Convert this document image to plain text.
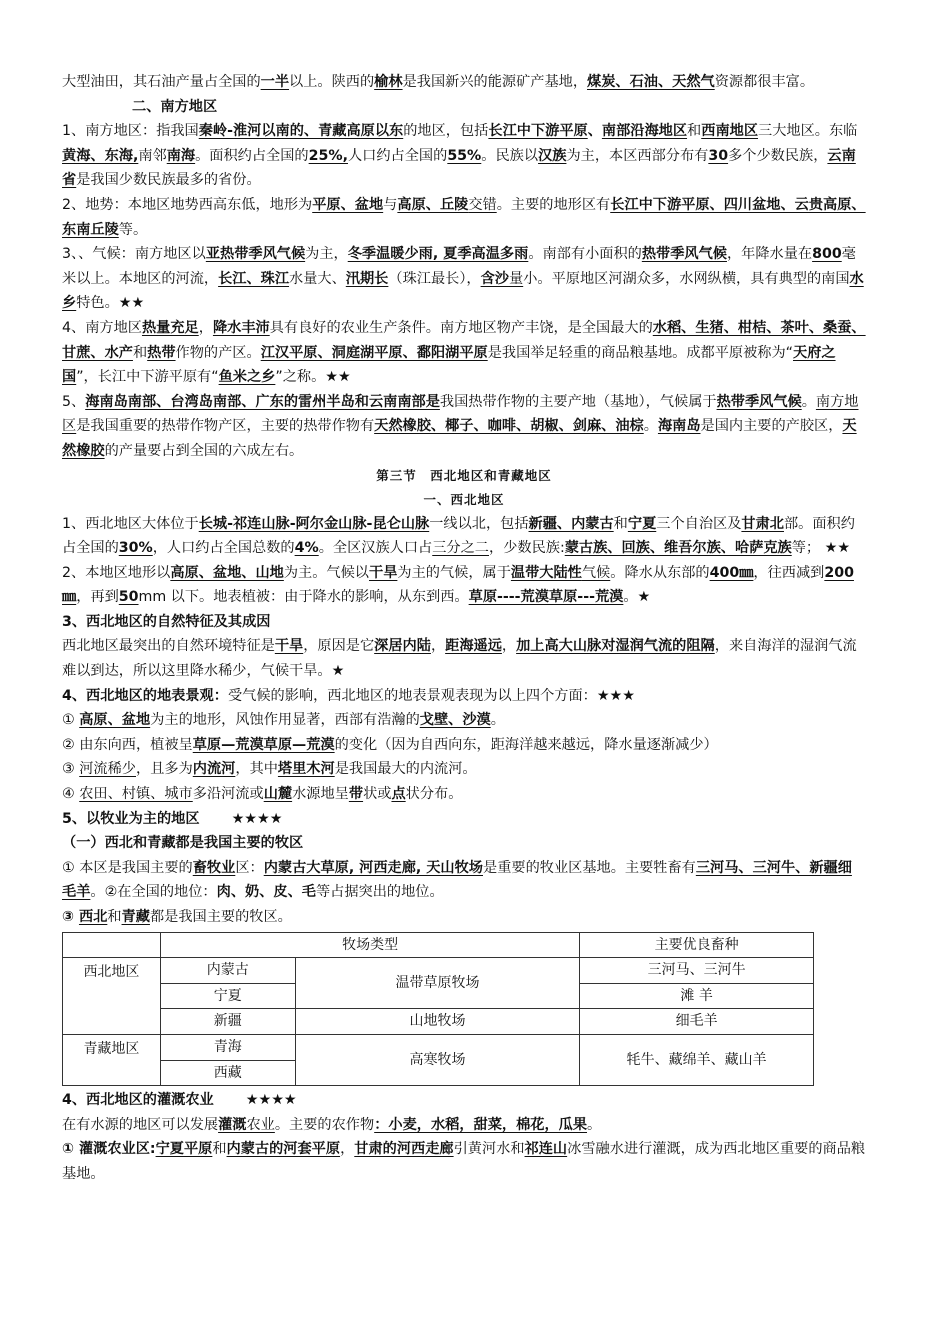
大型油田，其石油产量占全国的一半以上。陕西的榆林是我国新兴的能源矿产基地，煤炭、石油、天然气资源都很丰富。二、南方地区

1、南方地区：指我国秦岭-淮河以南的、青藏高原以东的地区，包括长江中下游平原、南部沿海地区和西南地区三大地区。东临黄海、东海,南邻南海。面积约占全国的25%,人口约占全国的55%。民族以汉族为主，本区西部分布有30多个少数民族，云南省是我国少数民族最多的省份。

2、地势：本地区地势西高东低，地形为平原、盆地与高原、丘陵交错。主要的地形区有长江中下游平原、四川盆地、云贵高原、东南丘陵等。

3、、气候：南方地区以亚热带季风气候为主，冬季温暖少雨, 夏季高温多雨。南部有小面积的热带季风气候，年降水量在800毫米以上。本地区的河流，长江、珠江水量大、汛期长（珠江最长），含沙量小。平原地区河湖众多，水网纵横，具有典型的南国水乡特色。★★

4、南方地区热量充足，降水丰沛具有良好的农业生产条件。南方地区物产丰饶，是全国最大的水稻、生猪、柑桔、茶叶、桑蚕、甘蔗、水产和热带作物的产区。江汉平原、洞庭湖平原、鄱阳湖平原是我国举足轻重的商品粮基地。成都平原被称为“天府之国”，长江中下游平原有“鱼米之乡”之称。★★

5、海南岛南部、台湾岛南部、广东的雷州半岛和云南南部是我国热带作物的主要产地（基地），气候属于热带季风气候。南方地区是我国重要的热带作物产区，主要的热带作物有天然橡胶、椰子、咖啡、胡椒、剑麻、油棕。海南岛是国内主要的产胶区，天然橡胶的产量要占到全国的六成左右。

第三节　西北地区和青藏地区

一、西北地区

1、西北地区大体位于长城-祁连山脉-阿尔金山脉-昆仑山脉一线以北，包括新疆、内蒙古和宁夏三个自治区及甘肃北部。面积约占全国的30%，人口约占全国总数的4%。全区汉族人口占三分之二，少数民族:蒙古族、回族、维吾尔族、哈萨克族等； ★★

2、本地区地形以高原、盆地、山地为主。气候以干旱为主的气候，属于温带大陆性气候。降水从东部的400㎜，往西减到200㎜，再到50mm 以下。地表植被：由于降水的影响，从东到西。草原----荒漠草原---荒漠。★

3、西北地区的自然特征及其成因

西北地区最突出的自然环境特征是干旱，原因是它深居内陆，距海遥远，加上高大山脉对湿润气流的阻隔，来自海洋的湿润气流难以到达，所以这里降水稀少，气候干旱。★

4、西北地区的地表景观：受气候的影响，西北地区的地表景观表现为以上四个方面：★★★

① 高原、盆地为主的地形，风蚀作用显著，西部有浩瀚的戈壁、沙漠。

② 由东向西，植被呈草原—荒漠草原—荒漠的变化（因为自西向东，距海洋越来越远，降水量逐渐减少）

③ 河流稀少，且多为内流河，其中塔里木河是我国最大的内流河。

④ 农田、村镇、城市多沿河流或山麓水源地呈带状或点状分布。

5、以牧业为主的地区 ★★★★

（一）西北和青藏都是我国主要的牧区

① 本区是我国主要的畜牧业区：内蒙古大草原, 河西走廊, 天山牧场是重要的牧业区基地。主要牲畜有三河马、三河牛、新疆细毛羊。②在全国的地位：肉、奶、皮、毛等占据突出的地位。

③ 西北和青藏都是我国主要的牧区。

	牧场类型		主要优良畜种
西北地区	内蒙古	温带草原牧场	三河马、三河牛
	宁夏		滩 羊
	新疆	山地牧场	细毛羊
青藏地区	青海	高寒牧场	牦牛、藏绵羊、藏山羊
	西藏		

4、西北地区的灌溉农业 ★★★★

在有水源的地区可以发展灌溉农业。主要的农作物：小麦，水稻，甜菜，棉花，瓜果。

① 灌溉农业区:宁夏平原和内蒙古的河套平原，甘肃的河西走廊引黄河水和祁连山冰雪融水进行灌溉，成为西北地区重要的商品粮基地。
